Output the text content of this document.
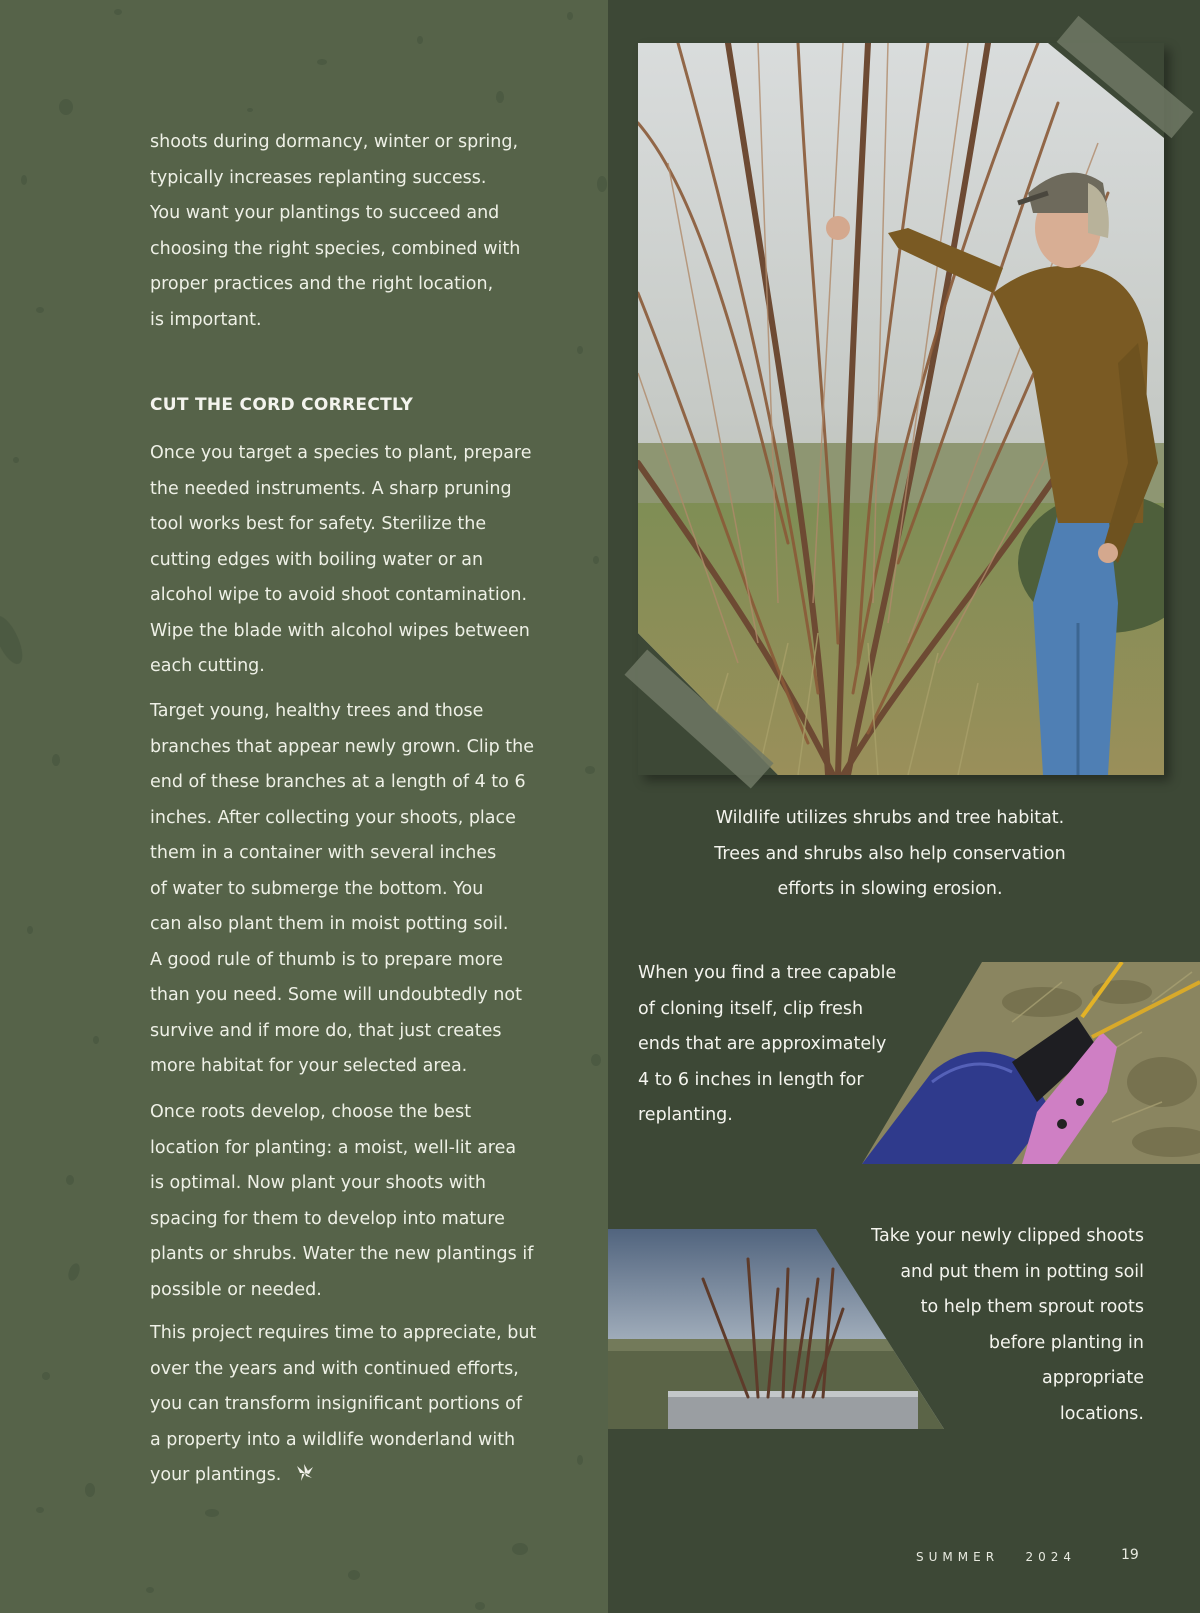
shoots during dormancy, winter or spring,
typically increases replanting success.
You want your plantings to succeed and
choosing the right species, combined with
proper practices and the right location,
is important.

CUT THE CORD CORRECTLY

Once you target a species to plant, prepare
the needed instruments. A sharp pruning
tool works best for safety. Sterilize the
cutting edges with boiling water or an
alcohol wipe to avoid shoot contamination.
Wipe the blade with alcohol wipes between
each cutting.

Target young, healthy trees and those
branches that appear newly grown. Clip the
end of these branches at a length of 4 to 6
inches. After collecting your shoots, place
them in a container with several inches
of water to submerge the bottom. You
can also plant them in moist potting soil.
A good rule of thumb is to prepare more
than you need. Some will undoubtedly not
survive and if more do, that just creates
more habitat for your selected area.

Once roots develop, choose the best
location for planting: a moist, well-lit area
is optimal. Now plant your shoots with
spacing for them to develop into mature
plants or shrubs. Water the new plantings if
possible or needed.

This project requires time to appreciate, but
over the years and with continued efforts,
you can transform insignificant portions of
a property into a wildlife wonderland with
your plantings.

Wildlife utilizes shrubs and tree habitat.
Trees and shrubs also help conservation
efforts in slowing erosion.
When you find a tree capable
of cloning itself, clip fresh
ends that are approximately
4 to 6 inches in length for
replanting.
Take your newly clipped shoots
and put them in potting soil
to help them sprout roots
before planting in
appropriate
locations.
SUMMER   2024	19
